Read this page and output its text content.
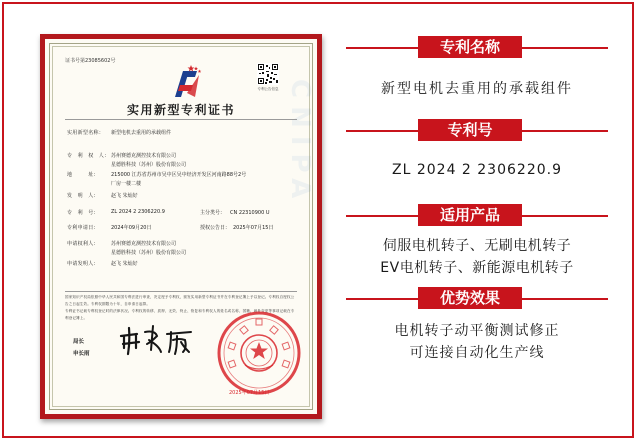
CNIPA
证书号第23085602号
专利公告信息
实用新型专利证书
实用新型名称：	新型电机去重用的承载组件
专　利　权　人： 苏州赛德克测控技术有限公司
星德胜科技（苏州）股份有限公司
地　　　址：	215000 江苏省苏州市吴中区吴中经济开发区河南路88号2号
厂房一楼二楼
发　明　人：	赵飞 朱灿好
专　利　号：	ZL 2024 2 2306220.9	主分类号： CN 22310900 U
专利申请日：	2024年09月20日	授权公告日： 2025年07月15日
申请权利人：	苏州赛德克测控技术有限公司
星德胜科技（苏州）股份有限公司
申请发明人：	赵飞 朱灿好
国家知识产权局依照中华人民共和国专利法进行审查，决定授予专利权，颁发实用新型专利证书并在专利登记簿上予以登记。专利权自授权公告之日起生效。专利权期限为十年，自申请日起算。
专利证书记载专利权登记时的法律状况。专利权的转移、质押、无效、终止、恢复和专利权人的姓名或名称、国籍、地址变更等事项记载在专利登记簿上。
局长
申长雨
2025年07月15日
专利名称
新型电机去重用的承载组件
专利号
ZL 2024 2 2306220.9
适用产品
伺服电机转子、无刷电机转子
EV电机转子、新能源电机转子
优势效果
电机转子动平衡测试修正
可连接自动化生产线
